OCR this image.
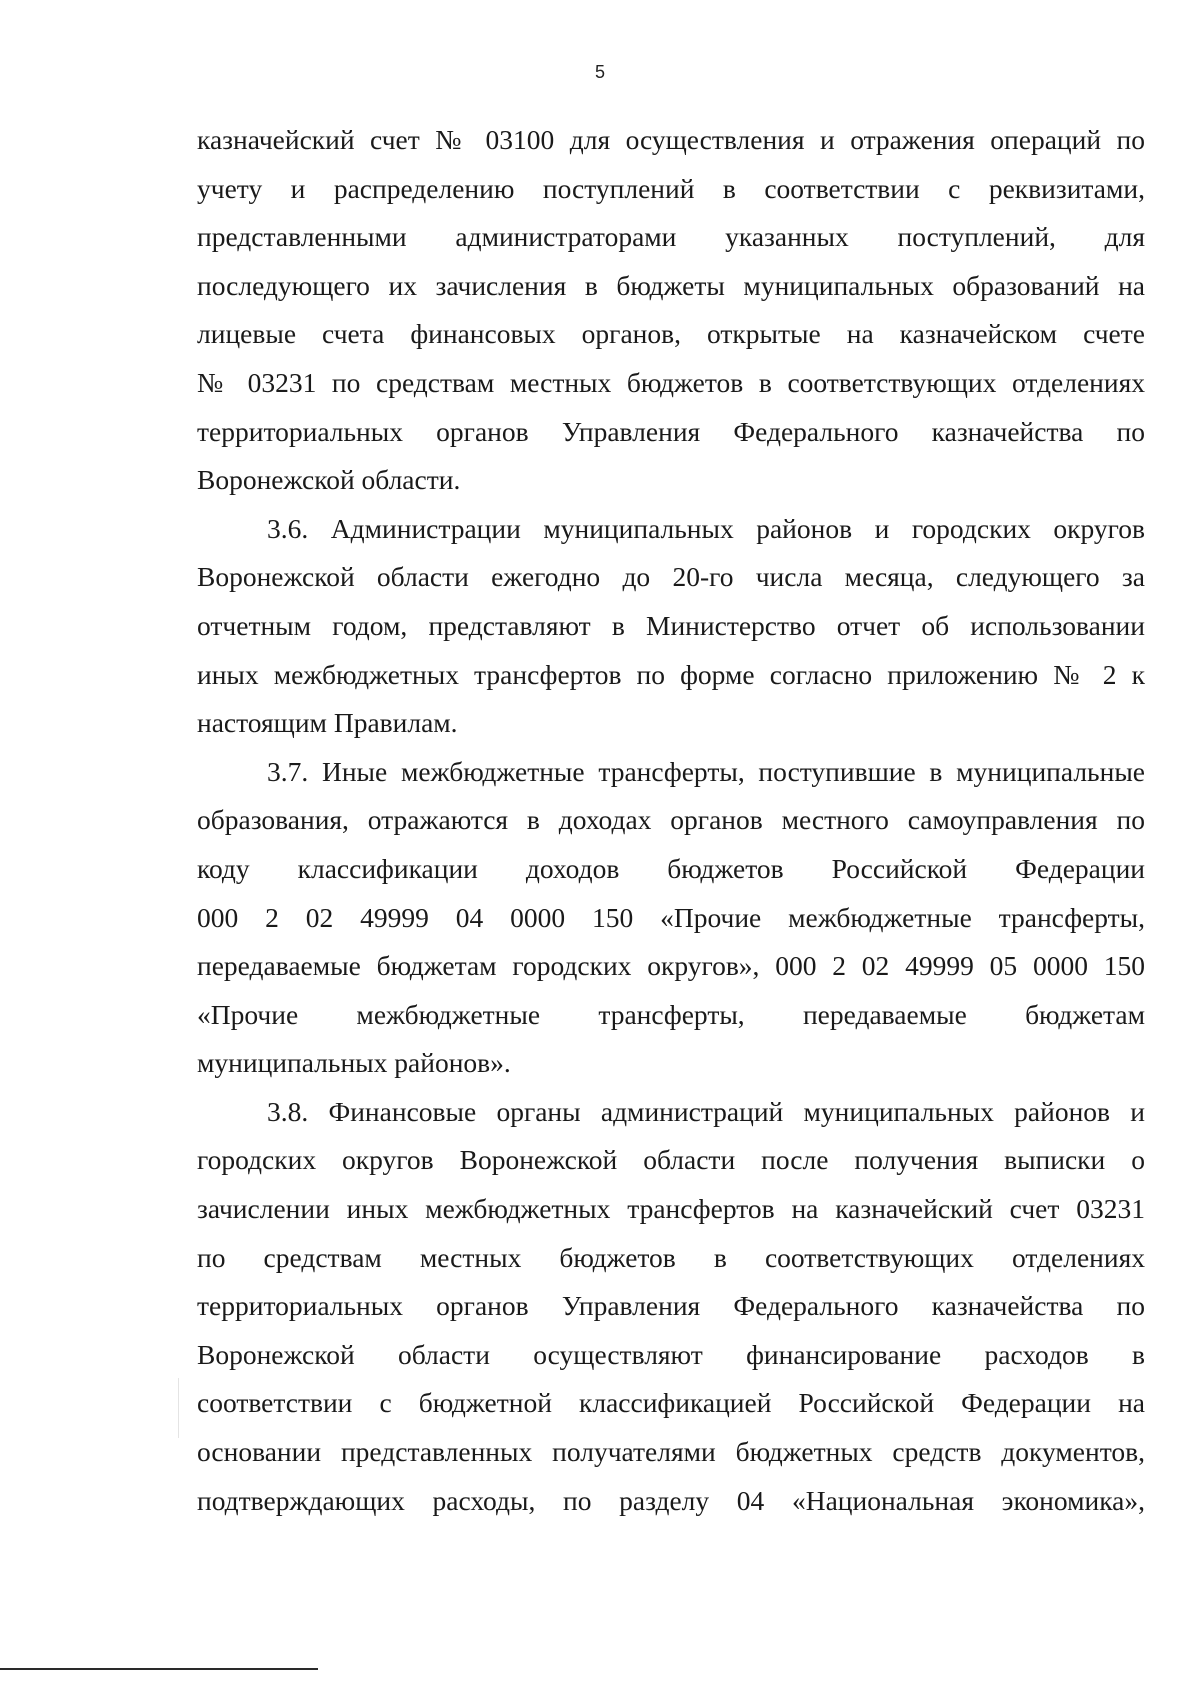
5
казначейский счет № 03100 для осуществления и отражения операций по
учету и распределению поступлений в соответствии с реквизитами,
представленными администраторами указанных поступлений, для
последующего их зачисления в бюджеты муниципальных образований на
лицевые счета финансовых органов, открытые на казначейском счете
№ 03231 по средствам местных бюджетов в соответствующих отделениях
территориальных органов Управления Федерального казначейства по
Воронежской области.
3.6. Администрации муниципальных районов и городских округов
Воронежской области ежегодно до 20-го числа месяца, следующего за
отчетным годом, представляют в Министерство отчет об использовании
иных межбюджетных трансфертов по форме согласно приложению № 2 к
настоящим Правилам.
3.7. Иные межбюджетные трансферты, поступившие в муниципальные
образования, отражаются в доходах органов местного самоуправления по
коду классификации доходов бюджетов Российской Федерации
000 2 02 49999 04 0000 150 «Прочие межбюджетные трансферты,
передаваемые бюджетам городских округов», 000 2 02 49999 05 0000 150
«Прочие межбюджетные трансферты, передаваемые бюджетам
муниципальных районов».
3.8. Финансовые органы администраций муниципальных районов и
городских округов Воронежской области после получения выписки о
зачислении иных межбюджетных трансфертов на казначейский счет 03231
по средствам местных бюджетов в соответствующих отделениях
территориальных органов Управления Федерального казначейства по
Воронежской области осуществляют финансирование расходов в
соответствии с бюджетной классификацией Российской Федерации на
основании представленных получателями бюджетных средств документов,
подтверждающих расходы, по разделу 04 «Национальная экономика»,
